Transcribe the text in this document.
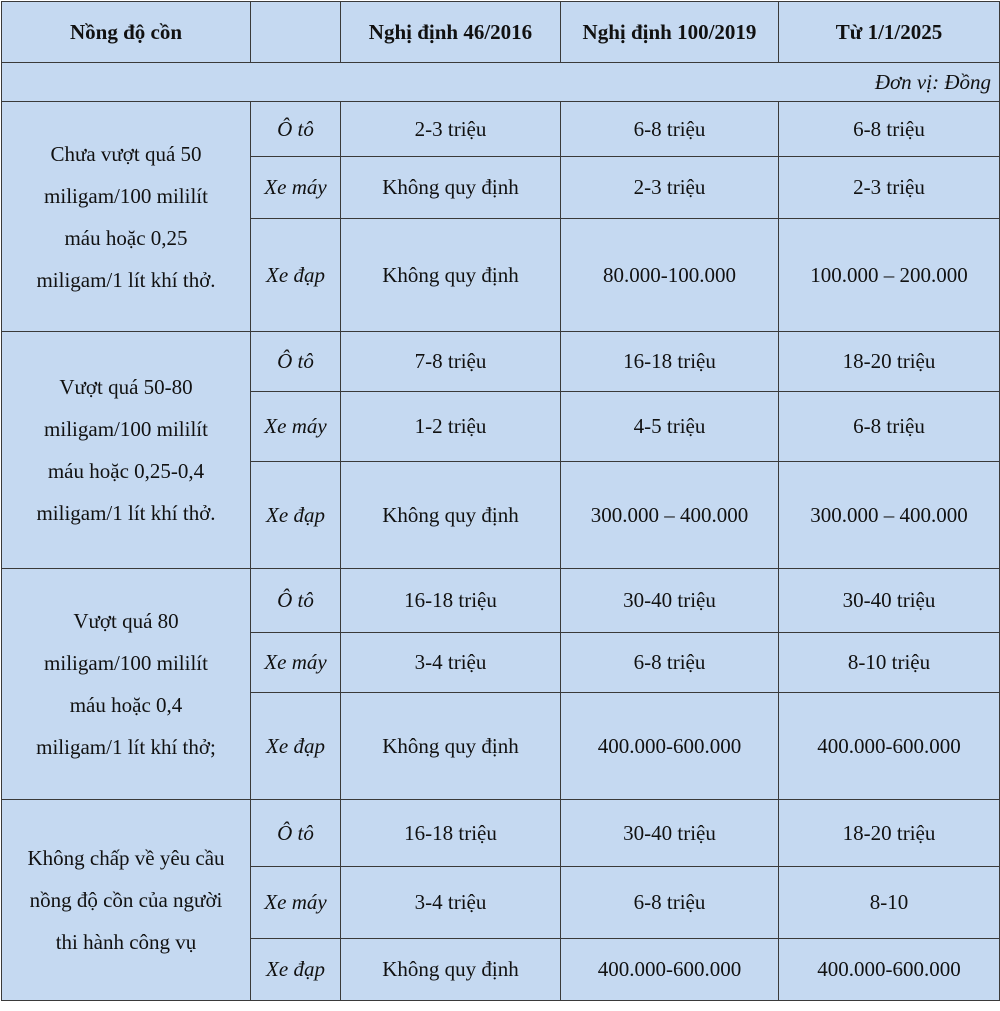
Nồng độ cồn		Nghị định 46/2016	Nghị định 100/2019	Từ 1/1/2025
Đơn vị: Đồng				

Chưa vượt quá 50
miligam/100 mililít
máu hoặc 0,25
miligam/1 lít khí thở.	Ô tô	2-3 triệu	6-8 triệu	6-8 triệu
	Xe máy	Không quy định	2-3 triệu	2-3 triệu
	Xe đạp	Không quy định	80.000-100.000	100.000 – 200.000

Vượt quá 50-80
miligam/100 mililít
máu hoặc 0,25-0,4
miligam/1 lít khí thở.	Ô tô	7-8 triệu	16-18 triệu	18-20 triệu
	Xe máy	1-2 triệu	4-5 triệu	6-8 triệu
	Xe đạp	Không quy định	300.000 – 400.000	300.000 – 400.000

Vượt quá 80
miligam/100 mililít
máu hoặc 0,4
miligam/1 lít khí thở;	Ô tô	16-18 triệu	30-40 triệu	30-40 triệu
	Xe máy	3-4 triệu	6-8 triệu	8-10 triệu
	Xe đạp	Không quy định	400.000-600.000	400.000-600.000

Không chấp về yêu cầu
nồng độ cồn của người
thi hành công vụ	Ô tô	16-18 triệu	30-40 triệu	18-20 triệu
	Xe máy	3-4 triệu	6-8 triệu	8-10
	Xe đạp	Không quy định	400.000-600.000	400.000-600.000
